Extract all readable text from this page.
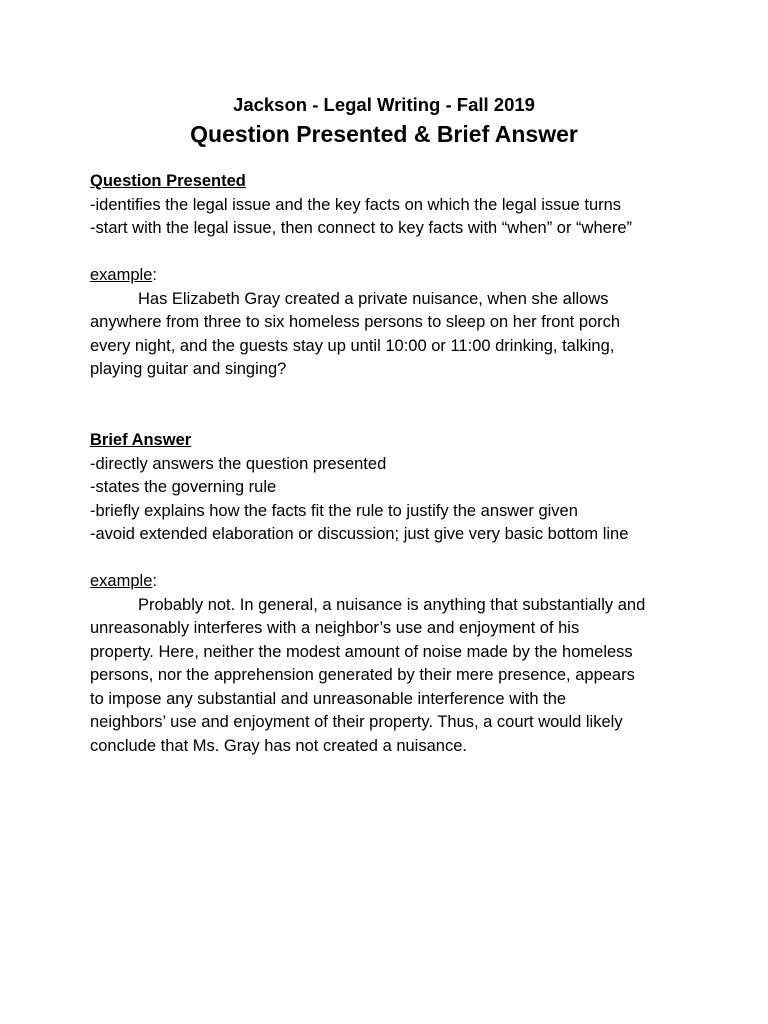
Jackson - Legal Writing - Fall 2019
Question Presented & Brief Answer
Question Presented
-identifies the legal issue and the key facts on which the legal issue turns
-start with the legal issue, then connect to key facts with “when” or “where”
example:
Has Elizabeth Gray created a private nuisance, when she allows
anywhere from three to six homeless persons to sleep on her front porch
every night, and the guests stay up until 10:00 or 11:00 drinking, talking,
playing guitar and singing?
Brief Answer
-directly answers the question presented
-states the governing rule
-briefly explains how the facts fit the rule to justify the answer given
-avoid extended elaboration or discussion; just give very basic bottom line
example:
Probably not. In general, a nuisance is anything that substantially and
unreasonably interferes with a neighbor’s use and enjoyment of his
property. Here, neither the modest amount of noise made by the homeless
persons, nor the apprehension generated by their mere presence, appears
to impose any substantial and unreasonable interference with the
neighbors’ use and enjoyment of their property. Thus, a court would likely
conclude that Ms. Gray has not created a nuisance.
